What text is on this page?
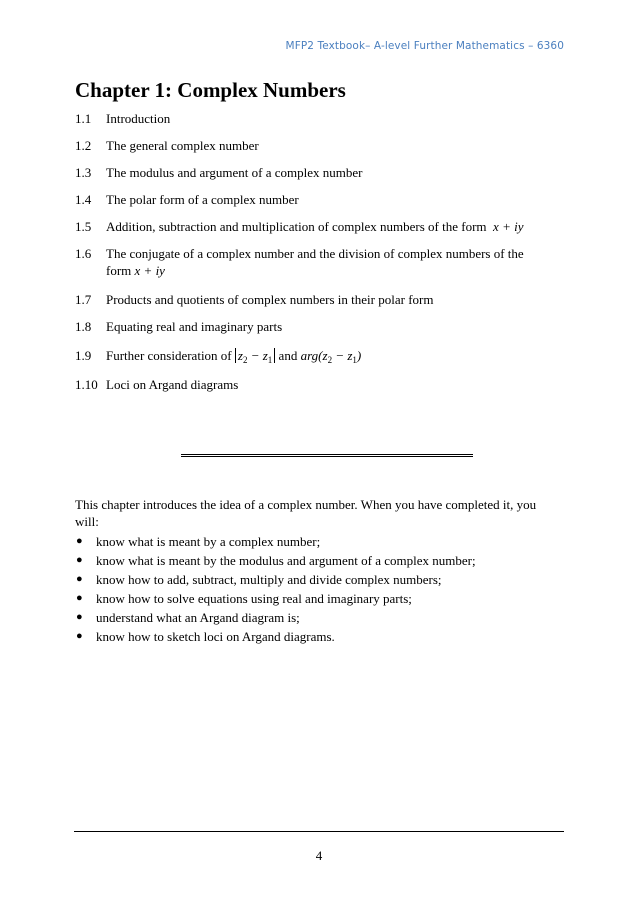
MFP2 Textbook– A-level Further Mathematics – 6360
Chapter 1: Complex Numbers
1.1	Introduction
1.2	The general complex number
1.3	The modulus and argument of a complex number
1.4	The polar form of a complex number
1.5	Addition, subtraction and multiplication of complex numbers of the form x + iy
1.6	The conjugate of a complex number and the division of complex numbers of the form x + iy
1.7	Products and quotients of complex numbers in their polar form
1.8	Equating real and imaginary parts
1.9	Further consideration of $z_2 - z_1$ and $arg(z_2 - z_1)$
1.10 Loci on Argand diagrams

This chapter introduces the idea of a complex number. When you have completed it, you will:

●	know what is meant by a complex number;
●	know what is meant by the modulus and argument of a complex number;
●	know how to add, subtract, multiply and divide complex numbers;
●	know how to solve equations using real and imaginary parts;
●	understand what an Argand diagram is;
●	know how to sketch loci on Argand diagrams.
4
